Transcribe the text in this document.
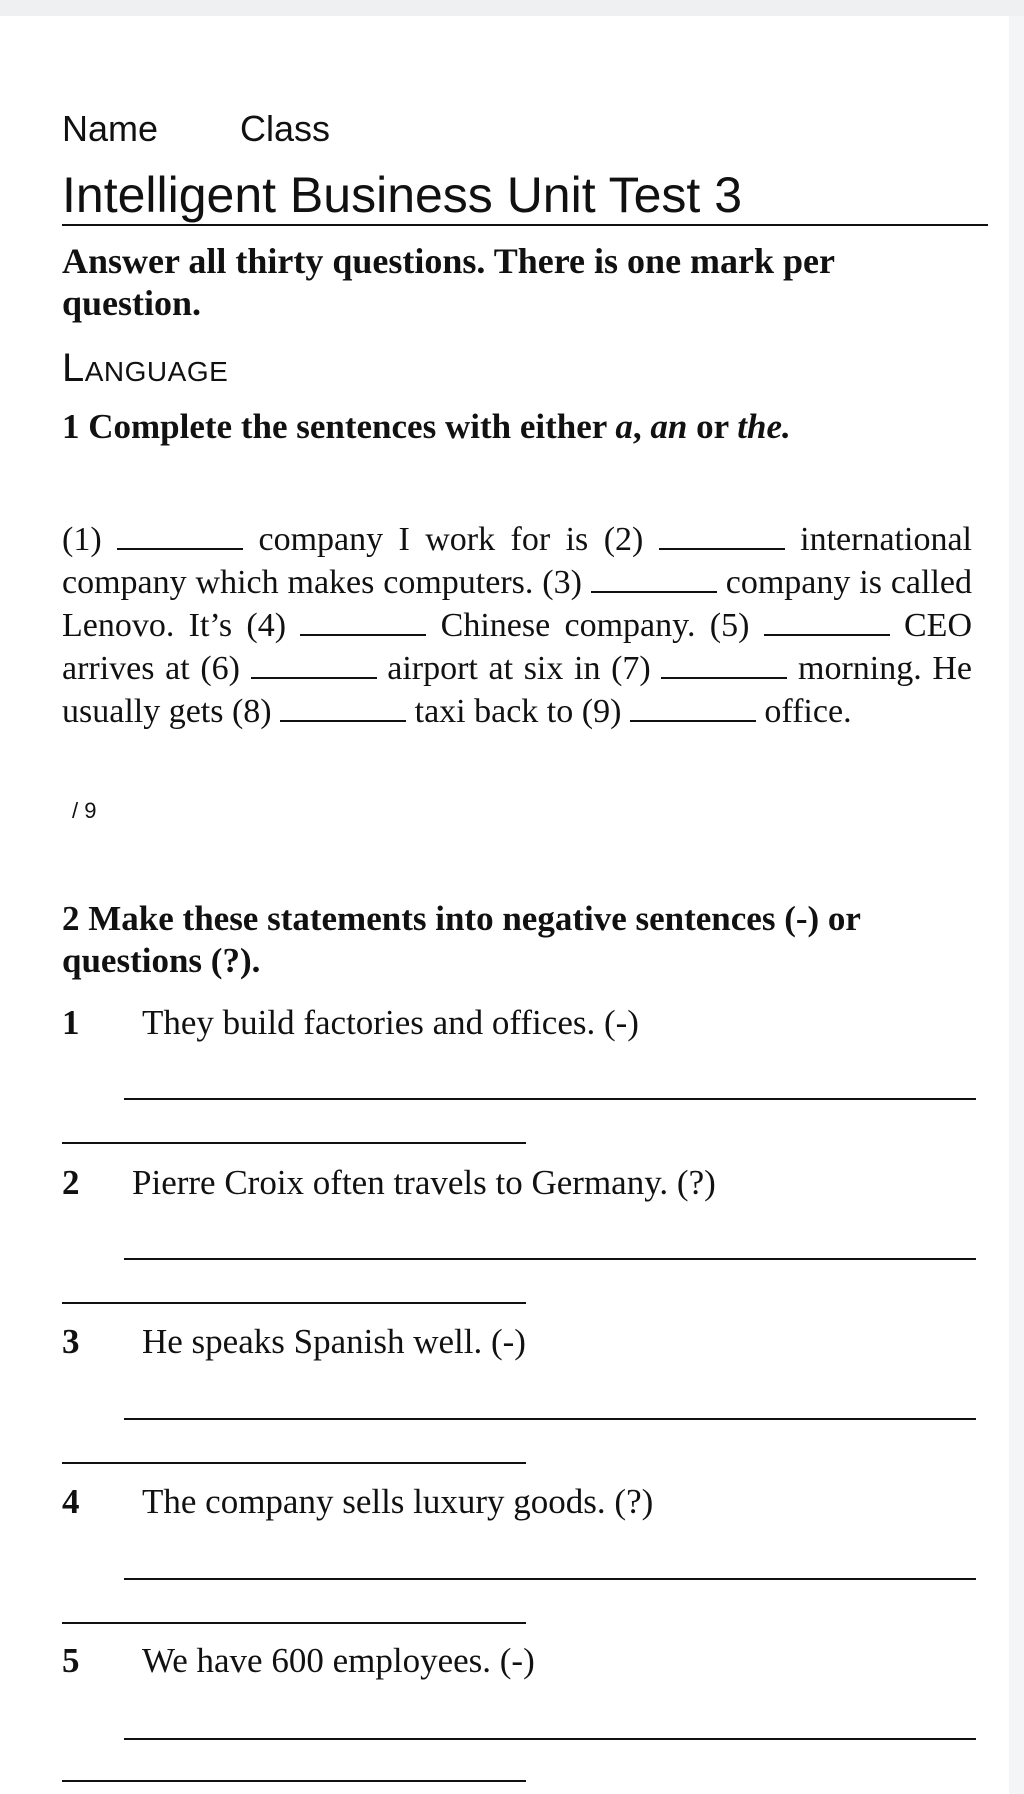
Name Class
Intelligent Business Unit Test 3
Answer all thirty questions. There is one mark per question.
Language
1 Complete the sentences with either a, an or the.

(1)	company I work for is (2)	international company which makes computers. (3)	company is called Lenovo. It’s (4)	Chinese company. (5)	CEO arrives at (6)	airport at six in (7)	morning. He usually gets (8)	taxi back to (9)	office.

/ 9
2 Make these statements into negative sentences (-) or questions (?).
1 They build factories and offices. (-)
2 Pierre Croix often travels to Germany. (?)
3 He speaks Spanish well. (-)
4 The company sells luxury goods. (?)
5 We have 600 employees. (-)
